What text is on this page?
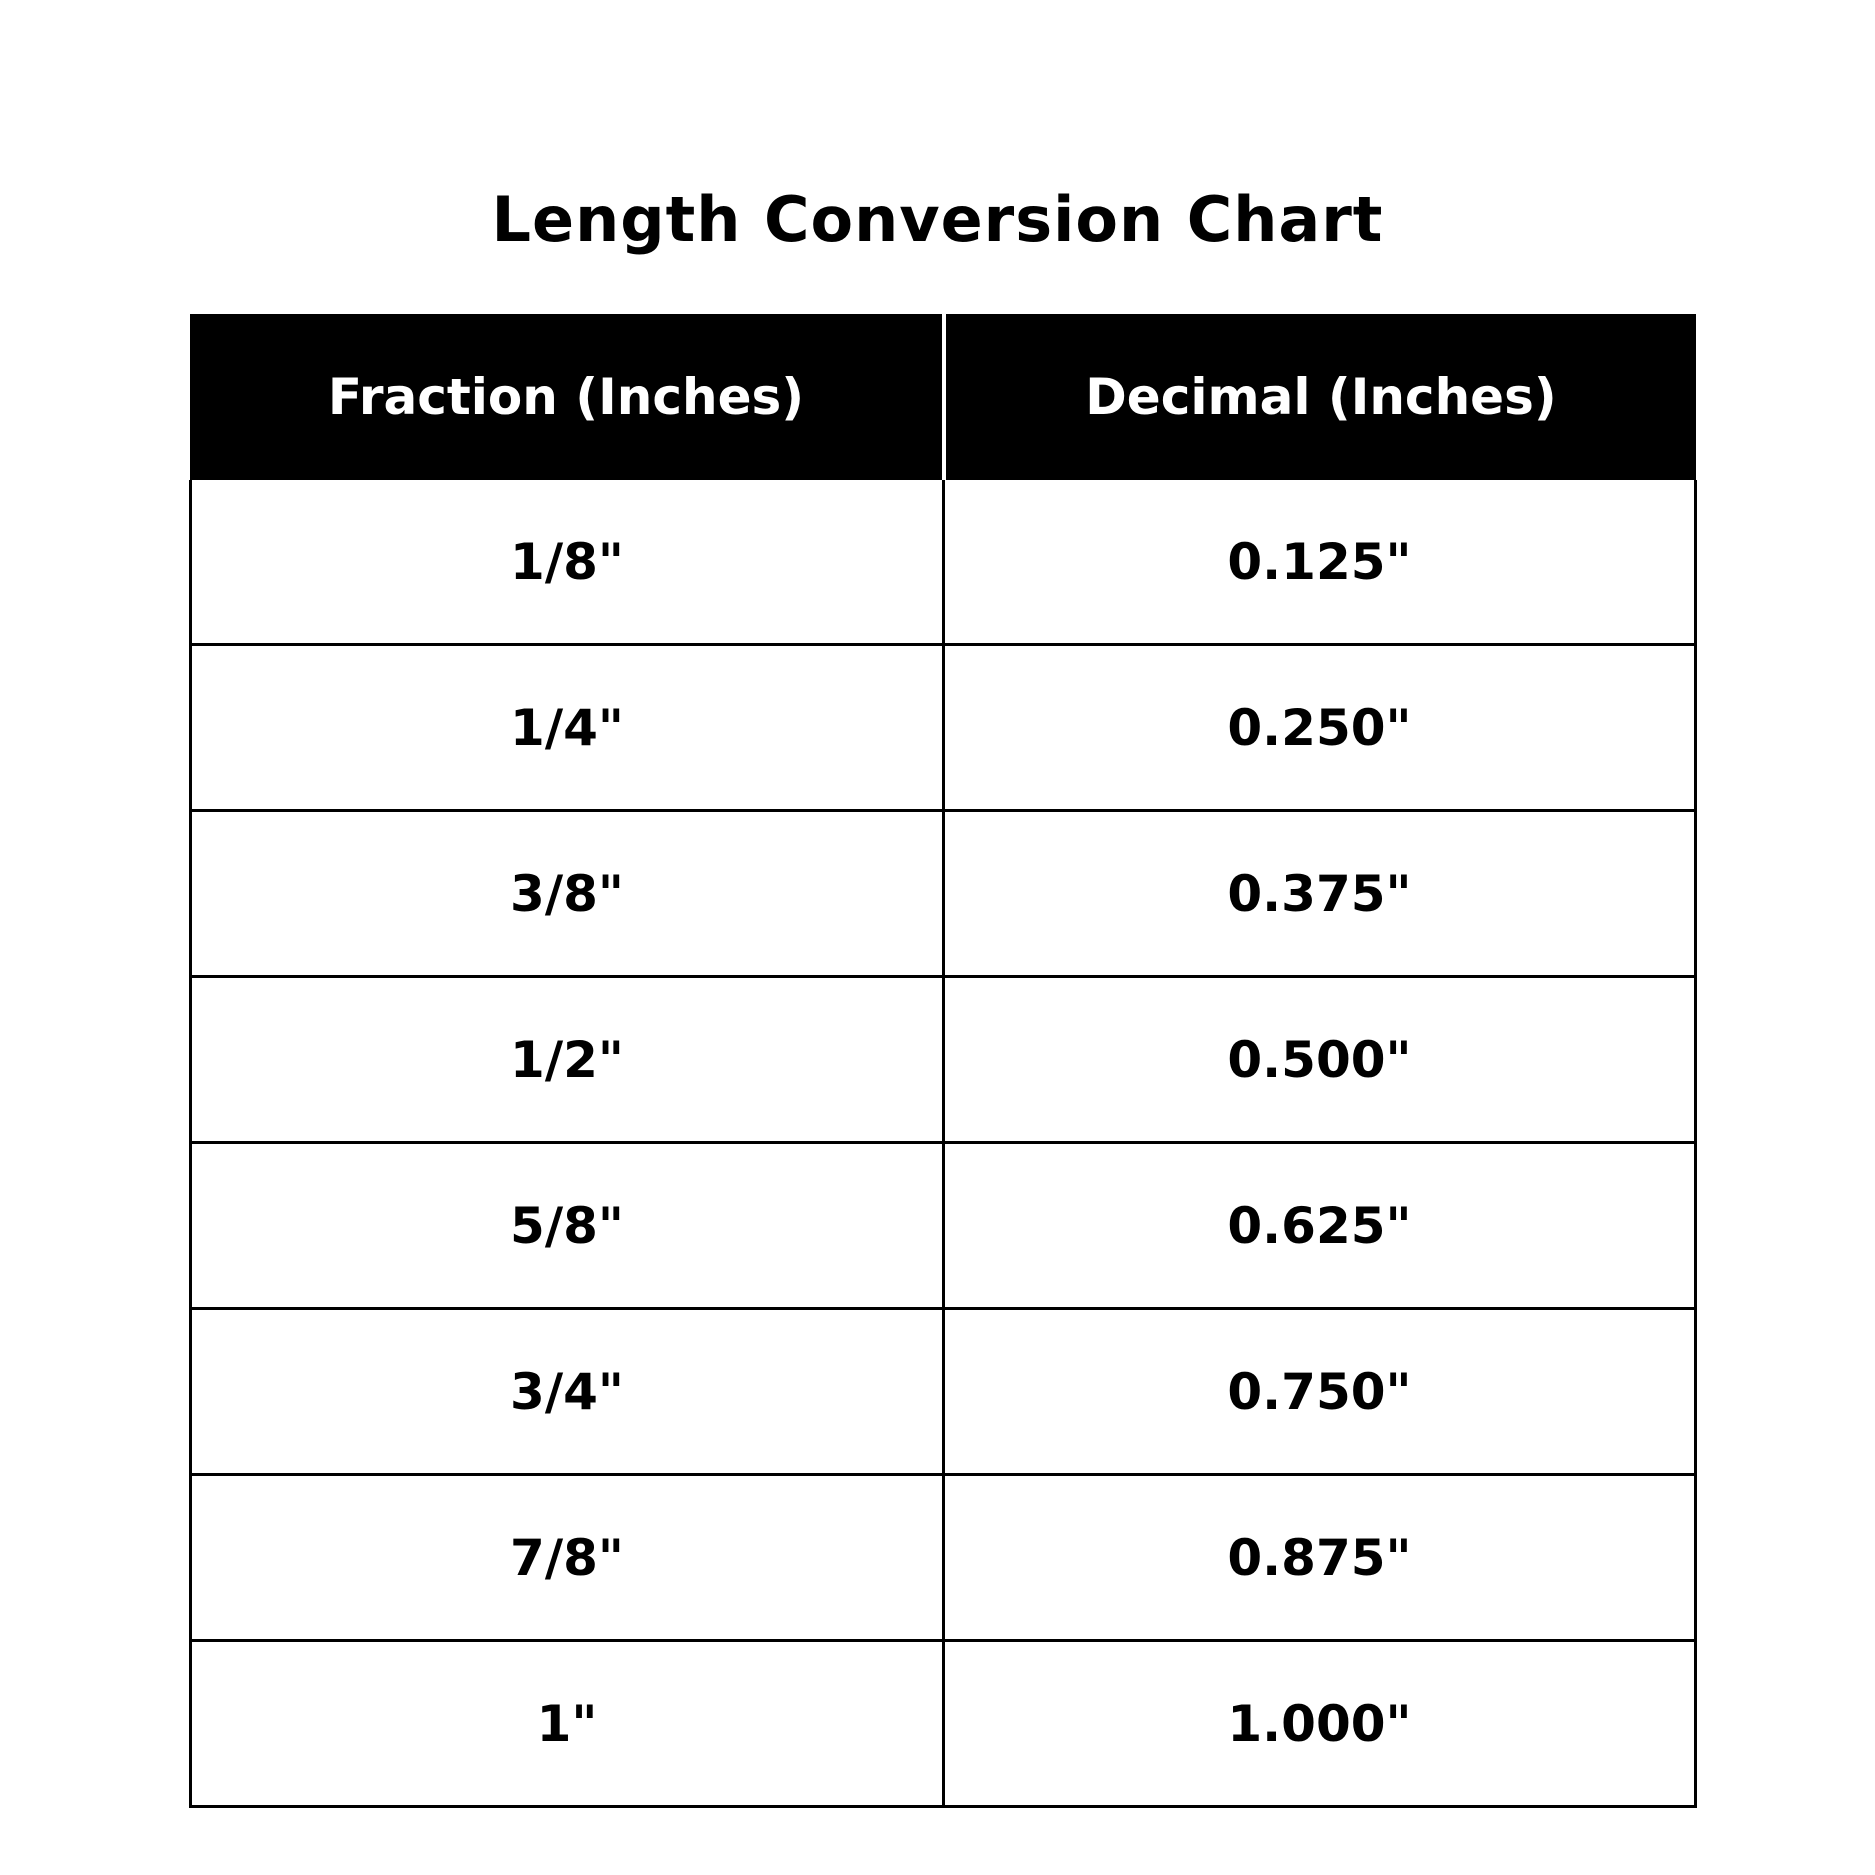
Length Conversion Chart
Fraction (Inches)	Decimal (Inches)
1/8"	0.125"
1/4"	0.250"
3/8"	0.375"
1/2"	0.500"
5/8"	0.625"
3/4"	0.750"
7/8"	0.875"
1"	1.000"
